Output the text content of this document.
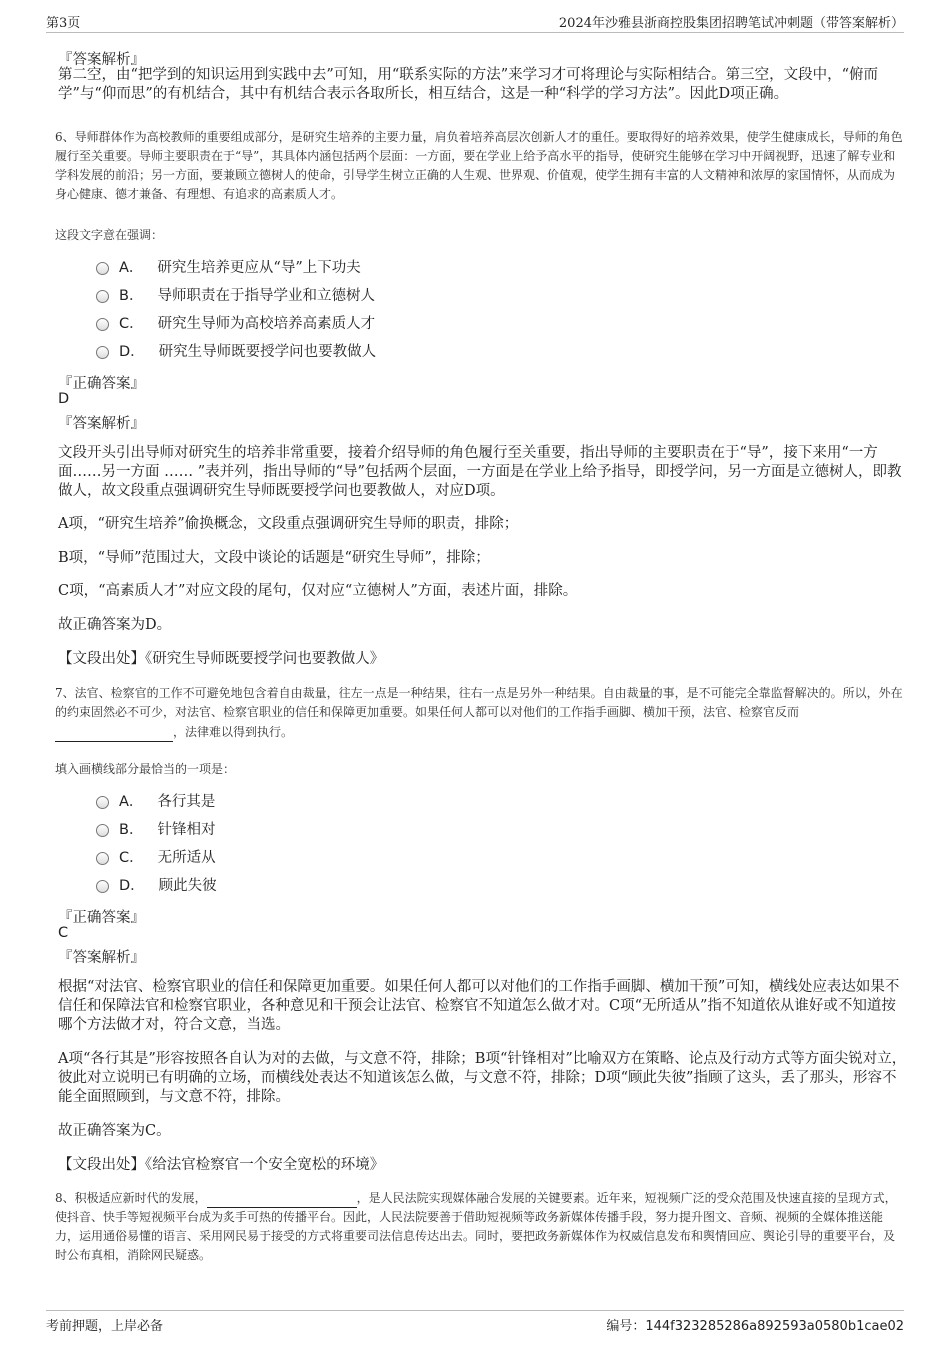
第3页	2024年沙雅县浙商控股集团招聘笔试冲刺题（带答案解析）
『答案解析』
第二空，由“把学到的知识运用到实践中去”可知，用“联系实际的方法”来学习才可将理论与实际相结合。第三空，文段中，“俯而学”与“仰而思”的有机结合，其中有机结合表示各取所长，相互结合，这是一种“科学的学习方法”。因此D项正确。
6、导师群体作为高校教师的重要组成部分，是研究生培养的主要力量，肩负着培养高层次创新人才的重任。要取得好的培养效果，使学生健康成长，导师的角色履行至关重要。导师主要职责在于“导”，其具体内涵包括两个层面：一方面，要在学业上给予高水平的指导，使研究生能够在学习中开阔视野，迅速了解专业和学科发展的前沿；另一方面，要兼顾立德树人的使命，引导学生树立正确的人生观、世界观、价值观，使学生拥有丰富的人文精神和浓厚的家国情怀，从而成为身心健康、德才兼备、有理想、有追求的高素质人才。
这段文字意在强调：
A． 研究生培养更应从“导”上下功夫
B． 导师职责在于指导学业和立德树人
C． 研究生导师为高校培养高素质人才
D． 研究生导师既要授学问也要教做人
『正确答案』
D
『答案解析』
文段开头引出导师对研究生的培养非常重要，接着介绍导师的角色履行至关重要，指出导师的主要职责在于“导”，接下来用“一方面……另一方面 …… ”表并列，指出导师的“导”包括两个层面，一方面是在学业上给予指导，即授学问，另一方面是立德树人，即教做人，故文段重点强调研究生导师既要授学问也要教做人，对应D项。
A项，“研究生培养”偷换概念，文段重点强调研究生导师的职责，排除；
B项，“导师”范围过大，文段中谈论的话题是“研究生导师”，排除；
C项，“高素质人才”对应文段的尾句，仅对应“立德树人”方面，表述片面，排除。
故正确答案为D。
【文段出处】《研究生导师既要授学问也要教做人》
7、法官、检察官的工作不可避免地包含着自由裁量，往左一点是一种结果，往右一点是另外一种结果。自由裁量的事，是不可能完全靠监督解决的。所以，外在的约束固然必不可少，对法官、检察官职业的信任和保障更加重要。如果任何人都可以对他们的工作指手画脚、横加干预，法官、检察官反而 ，法律难以得到执行。
填入画横线部分最恰当的一项是：
A． 各行其是
B． 针锋相对
C． 无所适从
D． 顾此失彼
『正确答案』
C
『答案解析』
根据“对法官、检察官职业的信任和保障更加重要。如果任何人都可以对他们的工作指手画脚、横加干预”可知，横线处应表达如果不信任和保障法官和检察官职业，各种意见和干预会让法官、检察官不知道怎么做才对。C项“无所适从”指不知道依从谁好或不知道按哪个方法做才对，符合文意，当选。
A项“各行其是”形容按照各自认为对的去做，与文意不符，排除；B项“针锋相对”比喻双方在策略、论点及行动方式等方面尖锐对立，彼此对立说明已有明确的立场，而横线处表达不知道该怎么做，与文意不符，排除；D项“顾此失彼”指顾了这头，丢了那头，形容不能全面照顾到，与文意不符，排除。
故正确答案为C。
【文段出处】《给法官检察官一个安全宽松的环境》
8、积极适应新时代的发展，	，是人民法院实现媒体融合发展的关键要素。近年来，短视频广泛的受众范围及快速直接的呈现方式，使抖音、快手等短视频平台成为炙手可热的传播平台。因此，人民法院要善于借助短视频等政务新媒体传播手段，努力提升图文、音频、视频的全媒体推送能力，运用通俗易懂的语言、采用网民易于接受的方式将重要司法信息传达出去。同时，要把政务新媒体作为权威信息发布和舆情回应、舆论引导的重要平台，及时公布真相，消除网民疑惑。
考前押题，上岸必备	编号：144f323285286a892593a0580b1cae02
